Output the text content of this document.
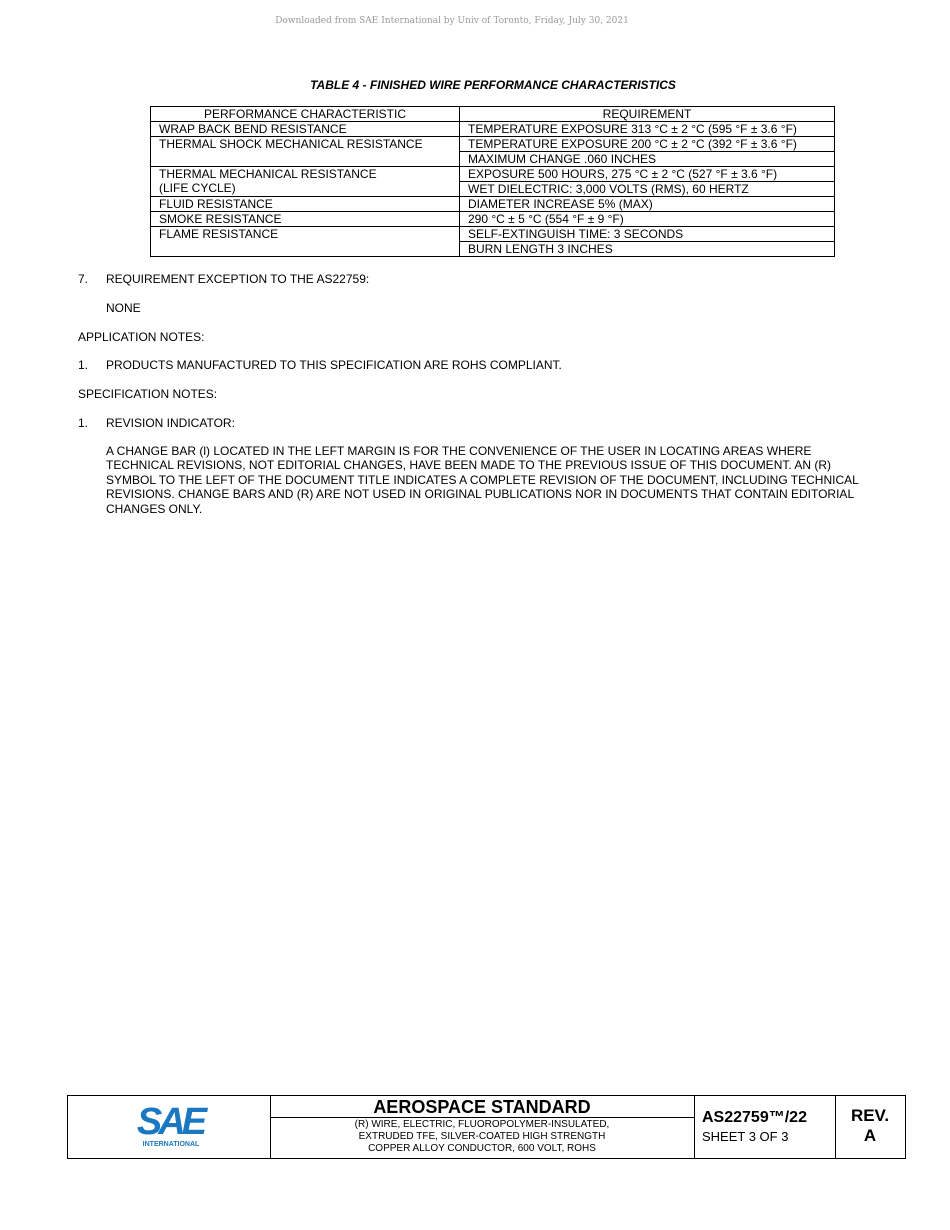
Downloaded from SAE International by Univ of Toronto, Friday, July 30, 2021
TABLE 4 - FINISHED WIRE PERFORMANCE CHARACTERISTICS
PERFORMANCE CHARACTERISTIC	REQUIREMENT
WRAP BACK BEND RESISTANCE	TEMPERATURE EXPOSURE 313 °C ± 2 °C (595 °F ± 3.6 °F)
THERMAL SHOCK MECHANICAL RESISTANCE	TEMPERATURE EXPOSURE 200 °C ± 2 °C (392 °F ± 3.6 °F)
	MAXIMUM CHANGE .060 INCHES

THERMAL MECHANICAL RESISTANCE
(LIFE CYCLE)	EXPOSURE 500 HOURS, 275 °C ± 2 °C (527 °F ± 3.6 °F)
	WET DIELECTRIC: 3,000 VOLTS (RMS), 60 HERTZ
FLUID RESISTANCE	DIAMETER INCREASE 5% (MAX)
SMOKE RESISTANCE	290 °C ± 5 °C (554 °F ± 9 °F)
FLAME RESISTANCE	SELF-EXTINGUISH TIME: 3 SECONDS
	BURN LENGTH 3 INCHES
7. REQUIREMENT EXCEPTION TO THE AS22759:
NONE
APPLICATION NOTES:
1. PRODUCTS MANUFACTURED TO THIS SPECIFICATION ARE ROHS COMPLIANT.
SPECIFICATION NOTES:
1. REVISION INDICATOR:
A CHANGE BAR (l) LOCATED IN THE LEFT MARGIN IS FOR THE CONVENIENCE OF THE USER IN LOCATING AREAS WHERE TECHNICAL REVISIONS, NOT EDITORIAL CHANGES, HAVE BEEN MADE TO THE PREVIOUS ISSUE OF THIS DOCUMENT. AN (R) SYMBOL TO THE LEFT OF THE DOCUMENT TITLE INDICATES A COMPLETE REVISION OF THE DOCUMENT, INCLUDING TECHNICAL REVISIONS. CHANGE BARS AND (R) ARE NOT USED IN ORIGINAL PUBLICATIONS NOR IN DOCUMENTS THAT CONTAIN EDITORIAL CHANGES ONLY.
SAE
INTERNATIONAL
AEROSPACE STANDARD
(R) WIRE, ELECTRIC, FLUOROPOLYMER-INSULATED,
EXTRUDED TFE, SILVER-COATED HIGH STRENGTH
COPPER ALLOY CONDUCTOR, 600 VOLT, ROHS
AS22759™/22
SHEET 3 OF 3
REV.
A
